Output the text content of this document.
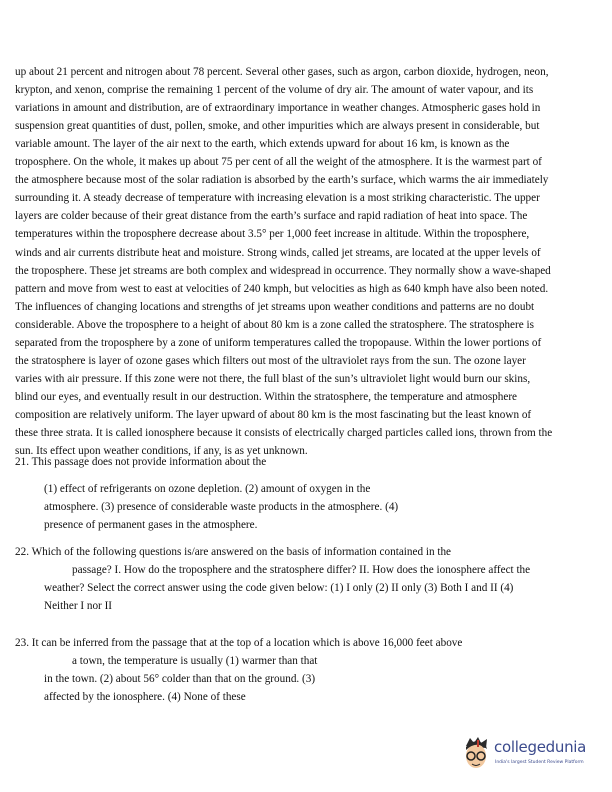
up about 21 percent and nitrogen about 78 percent. Several other gases, such as argon, carbon dioxide, hydrogen, neon,
krypton, and xenon, comprise the remaining 1 percent of the volume of dry air. The amount of water vapour, and its
variations in amount and distribution, are of extraordinary importance in weather changes. Atmospheric gases hold in
suspension great quantities of dust, pollen, smoke, and other impurities which are always present in considerable, but
variable amount. The layer of the air next to the earth, which extends upward for about 16 km, is known as the
troposphere. On the whole, it makes up about 75 per cent of all the weight of the atmosphere. It is the warmest part of
the atmosphere because most of the solar radiation is absorbed by the earth’s surface, which warms the air immediately
surrounding it. A steady decrease of temperature with increasing elevation is a most striking characteristic. The upper
layers are colder because of their great distance from the earth’s surface and rapid radiation of heat into space. The
temperatures within the troposphere decrease about 3.5° per 1,000 feet increase in altitude. Within the troposphere,
winds and air currents distribute heat and moisture. Strong winds, called jet streams, are located at the upper levels of
the troposphere. These jet streams are both complex and widespread in occurrence. They normally show a wave-shaped
pattern and move from west to east at velocities of 240 kmph, but velocities as high as 640 kmph have also been noted.
The influences of changing locations and strengths of jet streams upon weather conditions and patterns are no doubt
considerable. Above the troposphere to a height of about 80 km is a zone called the stratosphere. The stratosphere is
separated from the troposphere by a zone of uniform temperatures called the tropopause. Within the lower portions of
the stratosphere is layer of ozone gases which filters out most of the ultraviolet rays from the sun. The ozone layer
varies with air pressure. If this zone were not there, the full blast of the sun’s ultraviolet light would burn our skins,
blind our eyes, and eventually result in our destruction. Within the stratosphere, the temperature and atmosphere
composition are relatively uniform. The layer upward of about 80 km is the most fascinating but the least known of
these three strata. It is called ionosphere because it consists of electrically charged particles called ions, thrown from the
sun. Its effect upon weather conditions, if any, is as yet unknown.
21. This passage does not provide information about the
(1) effect of refrigerants on ozone depletion. (2) amount of oxygen in the
atmosphere. (3) presence of considerable waste products in the atmosphere. (4)
presence of permanent gases in the atmosphere.
22. Which of the following questions is/are answered on the basis of information contained in the
passage? I. How do the troposphere and the stratosphere differ? II. How does the ionosphere affect the
weather? Select the correct answer using the code given below: (1) I only (2) II only (3) Both I and II (4)
Neither I nor II
23. It can be inferred from the passage that at the top of a location which is above 16,000 feet above
a town, the temperature is usually (1) warmer than that
in the town. (2) about 56° colder than that on the ground. (3)
affected by the ionosphere. (4) None of these
collegedunia
India's largest Student Review Platform
